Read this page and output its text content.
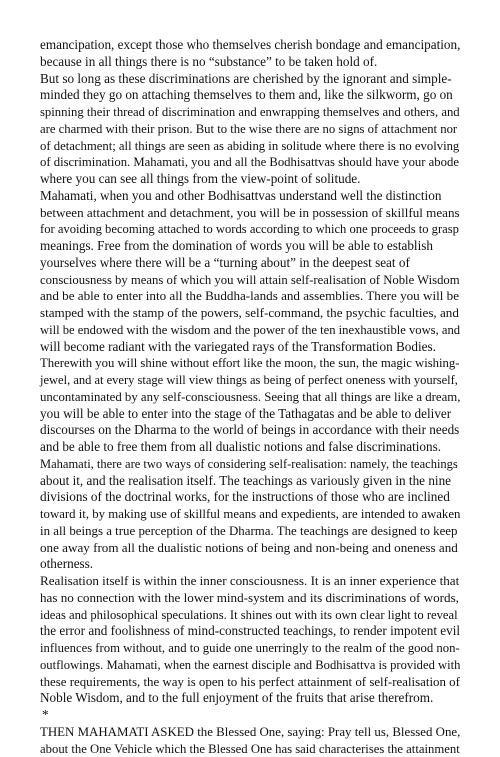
emancipation, except those who themselves cherish bondage and emancipation,
because in all things there is no “substance” to be taken hold of.
But so long as these discriminations are cherished by the ignorant and simple-
minded they go on attaching themselves to them and, like the silkworm, go on
spinning their thread of discrimination and enwrapping themselves and others, and
are charmed with their prison. But to the wise there are no signs of attachment nor
of detachment; all things are seen as abiding in solitude where there is no evolving
of discrimination. Mahamati, you and all the Bodhisattvas should have your abode
where you can see all things from the view-point of solitude.
Mahamati, when you and other Bodhisattvas understand well the distinction
between attachment and detachment, you will be in possession of skillful means
for avoiding becoming attached to words according to which one proceeds to grasp
meanings. Free from the domination of words you will be able to establish
yourselves where there will be a “turning about” in the deepest seat of
consciousness by means of which you will attain self-realisation of Noble Wisdom
and be able to enter into all the Buddha-lands and assemblies. There you will be
stamped with the stamp of the powers, self-command, the psychic faculties, and
will be endowed with the wisdom and the power of the ten inexhaustible vows, and
will become radiant with the variegated rays of the Transformation Bodies.
Therewith you will shine without effort like the moon, the sun, the magic wishing-
jewel, and at every stage will view things as being of perfect oneness with yourself,
uncontaminated by any self-consciousness. Seeing that all things are like a dream,
you will be able to enter into the stage of the Tathagatas and be able to deliver
discourses on the Dharma to the world of beings in accordance with their needs
and be able to free them from all dualistic notions and false discriminations.
Mahamati, there are two ways of considering self-realisation: namely, the teachings
about it, and the realisation itself. The teachings as variously given in the nine
divisions of the doctrinal works, for the instructions of those who are inclined
toward it, by making use of skillful means and expedients, are intended to awaken
in all beings a true perception of the Dharma. The teachings are designed to keep
one away from all the dualistic notions of being and non-being and oneness and
otherness.
Realisation itself is within the inner consciousness. It is an inner experience that
has no connection with the lower mind-system and its discriminations of words,
ideas and philosophical speculations. It shines out with its own clear light to reveal
the error and foolishness of mind-constructed teachings, to render impotent evil
influences from without, and to guide one unerringly to the realm of the good non-
outflowings. Mahamati, when the earnest disciple and Bodhisattva is provided with
these requirements, the way is open to his perfect attainment of self-realisation of
Noble Wisdom, and to the full enjoyment of the fruits that arise therefrom.
*
THEN MAHAMATI ASKED the Blessed One, saying: Pray tell us, Blessed One,
about the One Vehicle which the Blessed One has said characterises the attainment
